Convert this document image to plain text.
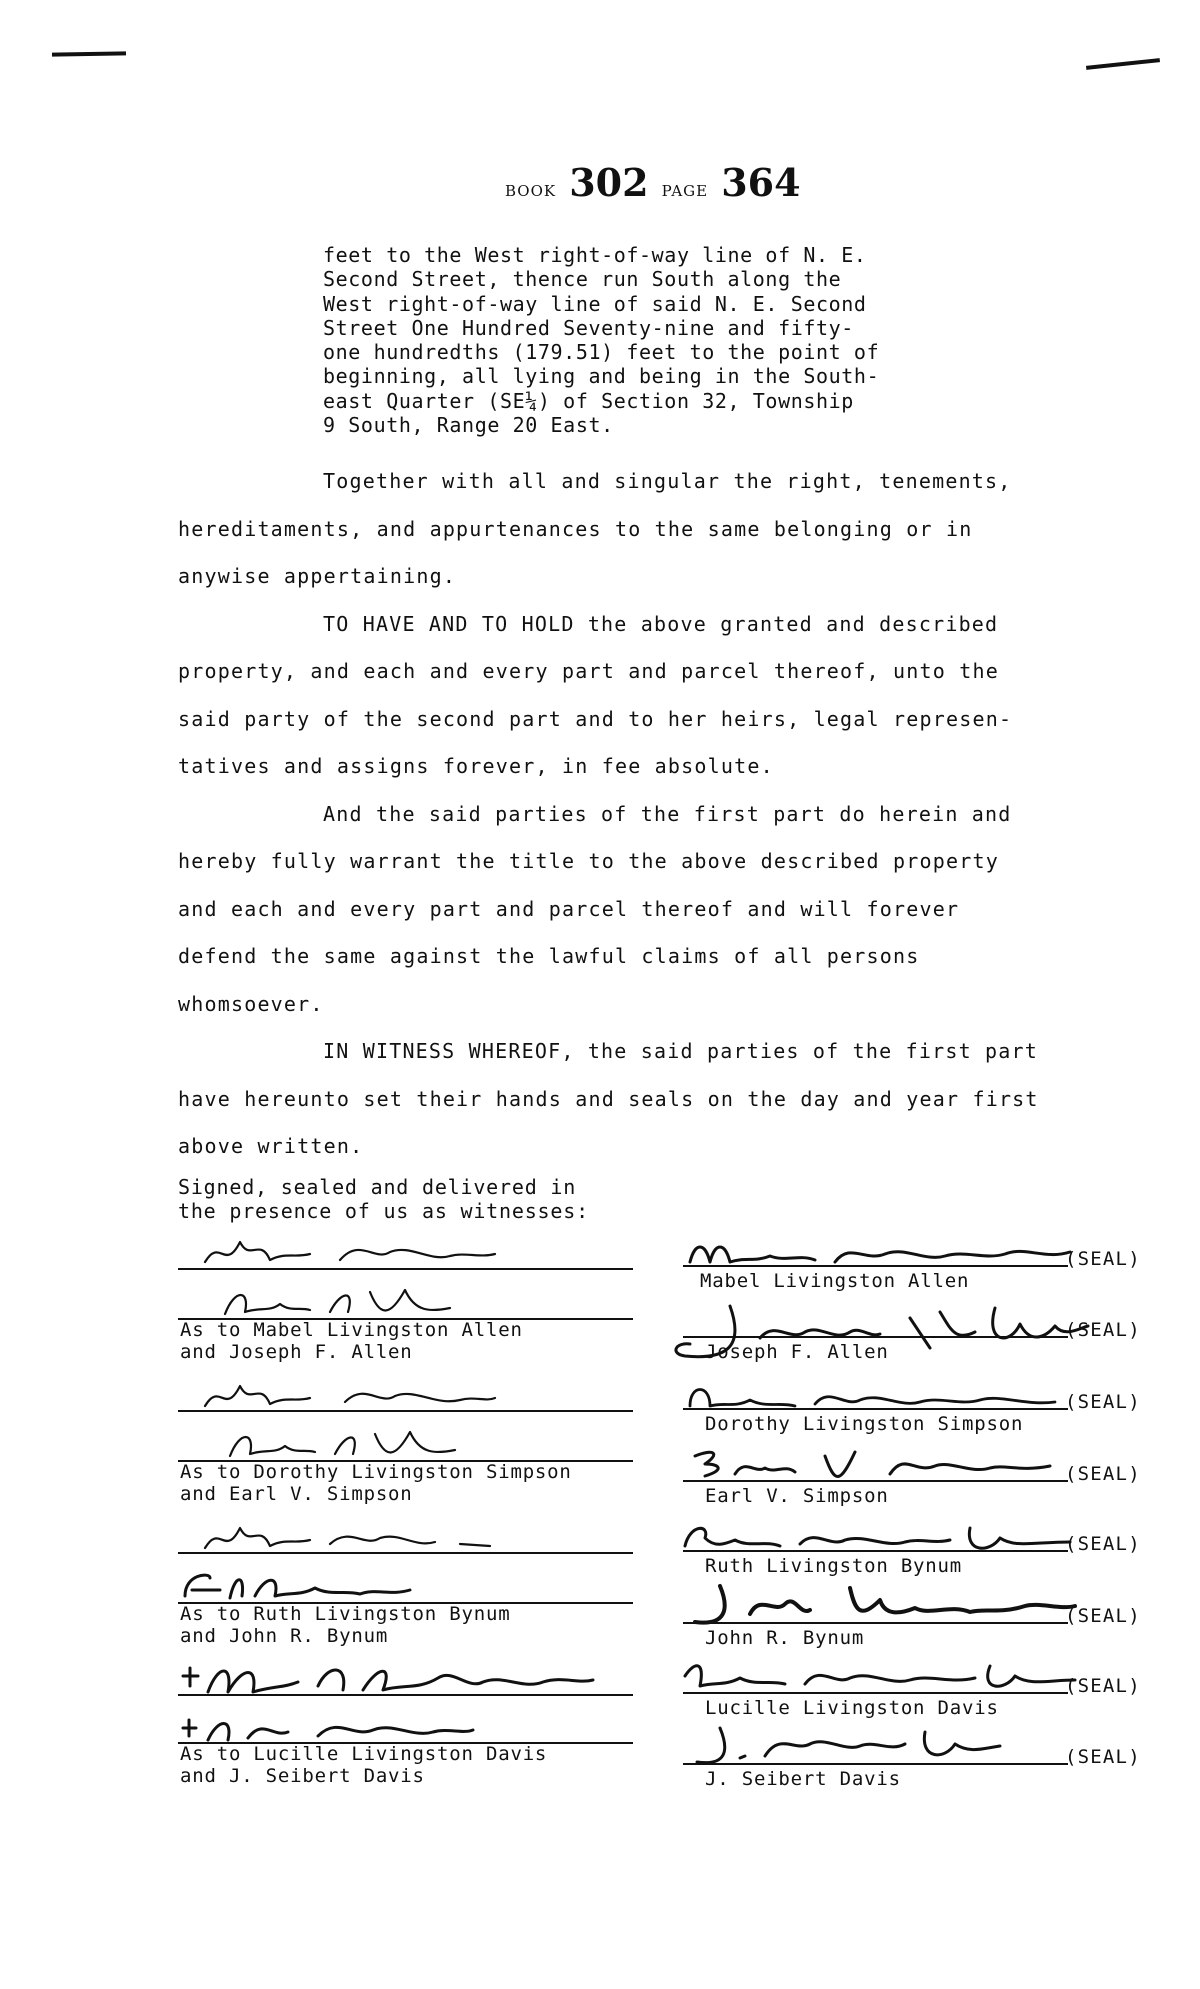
BOOK 302 PAGE 364
feet to the West right-of-way line of N. E.
Second Street, thence run South along the
West right-of-way line of said N. E. Second
Street One Hundred Seventy-nine and fifty-
one hundredths (179.51) feet to the point of
beginning, all lying and being in the South-
east Quarter (SE¼) of Section 32, Township
9 South, Range 20 East.
Together with all and singular the right, tenements,
hereditaments, and appurtenances to the same belonging or in
anywise appertaining.
TO HAVE AND TO HOLD the above granted and described
property, and each and every part and parcel thereof, unto the
said party of the second part and to her heirs, legal represen-
tatives and assigns forever, in fee absolute.
And the said parties of the first part do herein and
hereby fully warrant the title to the above described property
and each and every part and parcel thereof and will forever
defend the same against the lawful claims of all persons
whomsoever.
IN WITNESS WHEREOF, the said parties of the first part
have hereunto set their hands and seals on the day and year first
above written.
Signed, sealed and delivered in
the presence of us as witnesses:
As to Mabel Livingston Allen
and Joseph F. Allen
As to Dorothy Livingston Simpson
and Earl V. Simpson
As to Ruth Livingston Bynum
and John R. Bynum
As to Lucille Livingston Davis
and J. Seibert Davis
Mabel Livingston Allen
Joseph F. Allen
Dorothy Livingston Simpson
Earl V. Simpson
Ruth Livingston Bynum
John R. Bynum
Lucille Livingston Davis
J. Seibert Davis
(SEAL)
(SEAL)
(SEAL)
(SEAL)
(SEAL)
(SEAL)
(SEAL)
(SEAL)
